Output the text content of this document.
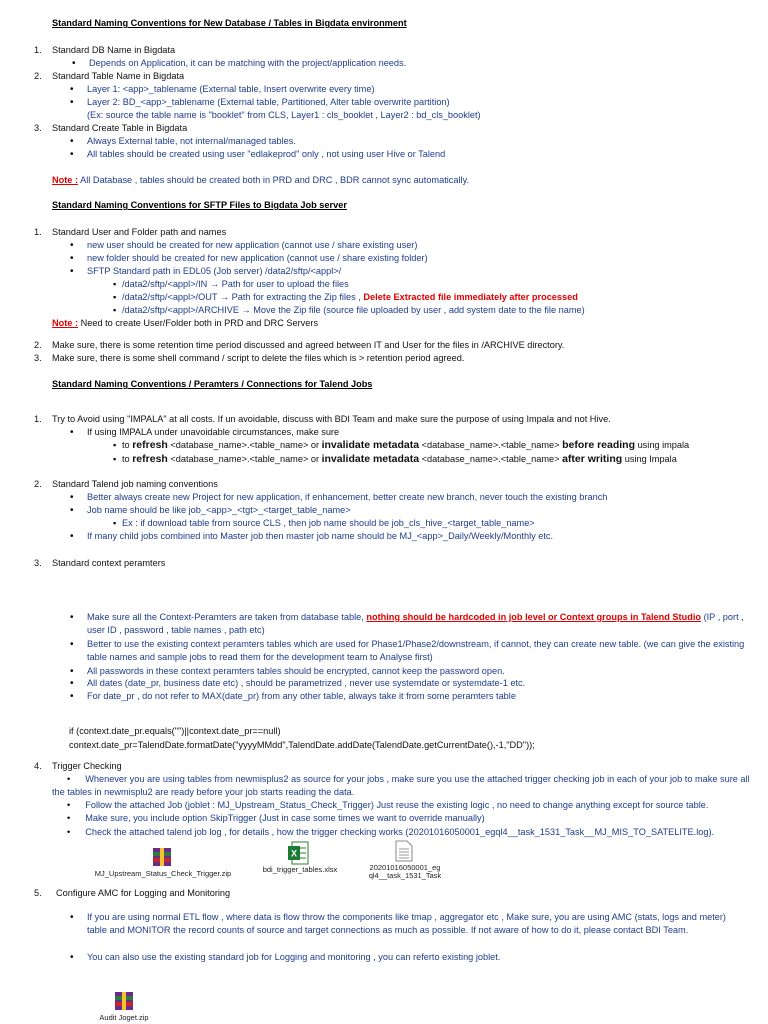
Standard Naming Conventions for New Database / Tables in Bigdata environment
1. Standard DB Name in Bigdata
• Depends on Application, it can be matching with the project/application needs.
2. Standard Table Name in Bigdata
• Layer 1: <app>_tablename (External table, Insert overwrite every time)
• Layer 2: BD_<app>_tablename (External table, Partitioned, Alter table overwrite partition)
(Ex: source the table name is "booklet" from CLS, Layer1 : cls_booklet , Layer2 : bd_cls_booklet)
3. Standard Create Table in Bigdata
• Always External table, not internal/managed tables.
• All tables should be created using user "edlakeprod" only , not using user Hive or Talend
Note : All Database , tables should be created both in PRD and DRC , BDR cannot sync automatically.
Standard Naming Conventions for SFTP Files to Bigdata Job server
1. Standard User and Folder path and names
• new user should be created for new application (cannot use / share existing user)
• new folder should be created for new application (cannot use / share existing folder)
• SFTP Standard path in EDL05 (Job server) /data2/sftp/<appl>/
▪ /data2/sftp/<appl>/IN → Path for user to upload the files
▪ /data2/sftp/<appl>/OUT → Path for extracting the Zip files , Delete Extracted file immediately after processed
▪ /data2/sftp/<appl>/ARCHIVE → Move the Zip file (source file uploaded by user , add system date to the file name)
Note : Need to create User/Folder both in PRD and DRC Servers
2. Make sure, there is some retention time period discussed and agreed between IT and User for the files in /ARCHIVE directory.
3. Make sure, there is some shell command / script to delete the files which is > retention period agreed.
Standard Naming Conventions / Peramters / Connections for Talend Jobs
1. Try to Avoid using "IMPALA" at all costs. If un avoidable, discuss with BDI Team and make sure the purpose of using Impala and not Hive.
• If using IMPALA under unavoidable circumstances, make sure
▪ to refresh <database_name>.<table_name> or invalidate metadata <database_name>.<table_name> before reading using impala
▪ to refresh <database_name>.<table_name> or invalidate metadata <database_name>.<table_name> after writing using Impala
2. Standard Talend job naming conventions
• Better always create new Project for new application, if enhancement, better create new branch, never touch the existing branch
• Job name should be like job_<app>_<tgt>_<target_table_name>
▪ Ex : if download table from source CLS , then job name should be job_cls_hive_<target_table_name>
• If many child jobs combined into Master job then master job name should be MJ_<app>_Daily/Weekly/Monthly etc.
3. Standard context peramters
• Make sure all the Context-Peramters are taken from database table, nothing should be hardcoded in job level or Context groups in Talend Studio (IP , port , user ID , password , table names , path etc)
• Better to use the existing context peramters tables which are used for Phase1/Phase2/downstream, if cannot, they can create new table. (we can give the existing table names and sample jobs to read them for the development team to Analyse first)
• All passwords in these context peramters tables should be encrypted, cannot keep the password open.
• All dates (date_pr, business date etc) , should be parametrized , never use systemdate or systemdate-1 etc.
• For date_pr , do not refer to MAX(date_pr) from any other table, always take it from some peramters table
if (context.date_pr.equals("")||context.date_pr==null)
context.date_pr=TalendDate.formatDate("yyyyMMdd",TalendDate.addDate(TalendDate.getCurrentDate(),-1,"DD"));
4. Trigger Checking
• Whenever you are using tables from newmisplus2 as source for your jobs , make sure you use the attached trigger checking job in each of your job to make sure all the tables in newmisplu2 are ready before your job starts reading the data.
• Follow the attached Job (joblet : MJ_Upstream_Status_Check_Trigger) Just reuse the existing logic , no need to change anything except for source table.
• Make sure, you include option SkipTrigger (Just in case some times we want to override manually)
• Check the attached talend job log , for details , how the trigger checking works (20201016050001_egql4__task_1531_Task__MJ_MIS_TO_SATELITE.log).
MJ_Upstream_Status_Check_Trigger.zip
X
bdi_trigger_tables.xlsx	20201016050001_eg ql4__task_1531_Task
5. Configure AMC for Logging and Monitoring
• If you are using normal ETL flow , where data is flow throw the components like tmap , aggregator etc , Make sure, you are using AMC (stats, logs and meter) table and MONITOR the record counts of source and target connections as much as possible. If not aware of how to do it, please contact BDI Team.
• You can also use the existing standard job for Logging and monitoring , you can referto existing joblet.
Audit Joget.zip
